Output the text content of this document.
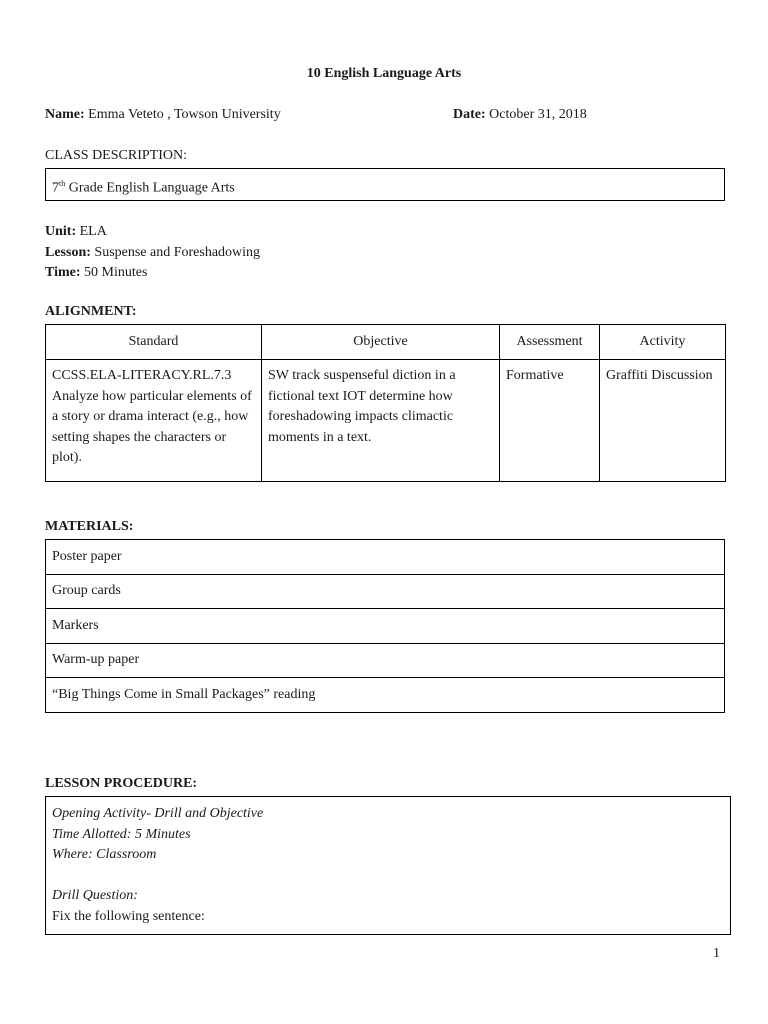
10 English Language Arts
Name: Emma Veteto , Towson University	Date: October 31, 2018
CLASS DESCRIPTION:
7th Grade English Language Arts
Unit: ELA
Lesson: Suspense and Foreshadowing
Time: 50 Minutes
ALIGNMENT:
Standard	Objective	Assessment	Activity
CCSS.ELA-LITERACY.RL.7.3 Analyze how particular elements of a story or drama interact (e.g., how setting shapes the characters or plot).	SW track suspenseful diction in a fictional text IOT determine how foreshadowing impacts climactic moments in a text.	Formative	Graffiti Discussion
MATERIALS:
Poster paper
Group cards
Markers
Warm-up paper
“Big Things Come in Small Packages” reading
LESSON PROCEDURE:
Opening Activity- Drill and Objective
Time Allotted: 5 Minutes
Where: Classroom
Drill Question:
Fix the following sentence:
1
